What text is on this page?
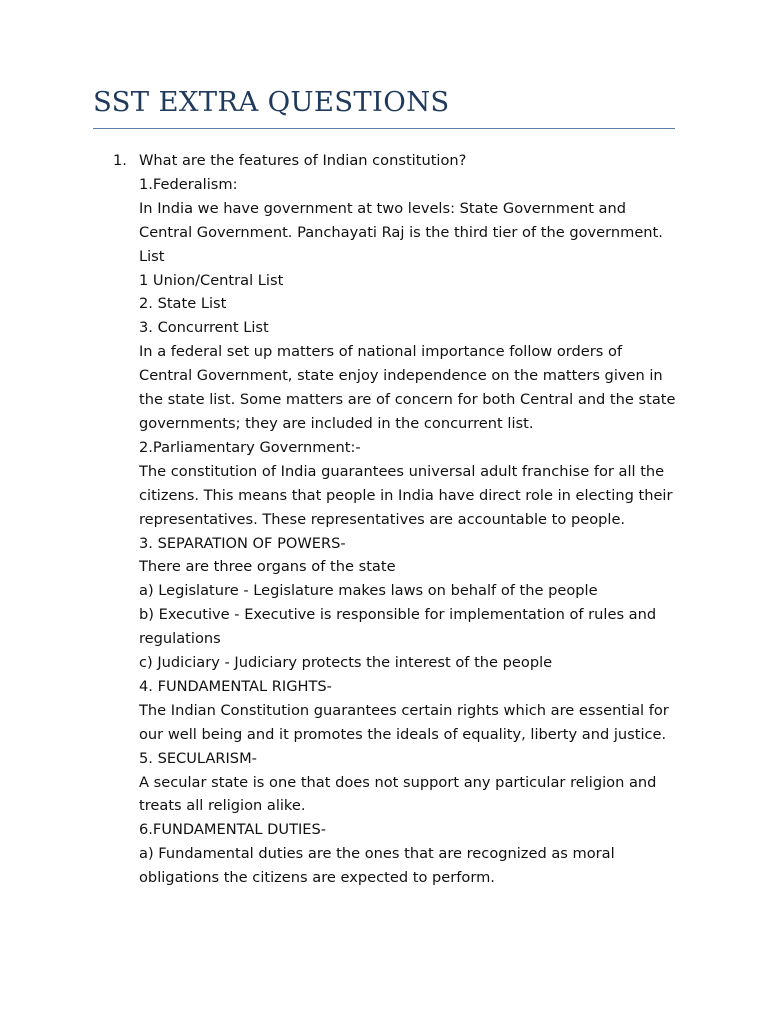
SST EXTRA QUESTIONS
1. What are the features of Indian constitution?
1.Federalism:
In India we have government at two levels: State Government and
Central Government. Panchayati Raj is the third tier of the government.
List
1 Union/Central List
2. State List
3. Concurrent List
In a federal set up matters of national importance follow orders of
Central Government, state enjoy independence on the matters given in
the state list. Some matters are of concern for both Central and the state
governments; they are included in the concurrent list.
2.Parliamentary Government:-
The constitution of India guarantees universal adult franchise for all the
citizens. This means that people in India have direct role in electing their
representatives. These representatives are accountable to people.
3. SEPARATION OF POWERS-
There are three organs of the state
a) Legislature - Legislature makes laws on behalf of the people
b) Executive - Executive is responsible for implementation of rules and
regulations
c) Judiciary - Judiciary protects the interest of the people
4. FUNDAMENTAL RIGHTS-
The Indian Constitution guarantees certain rights which are essential for
our well being and it promotes the ideals of equality, liberty and justice.
5. SECULARISM-
A secular state is one that does not support any particular religion and
treats all religion alike.
6.FUNDAMENTAL DUTIES-
a) Fundamental duties are the ones that are recognized as moral
obligations the citizens are expected to perform.
